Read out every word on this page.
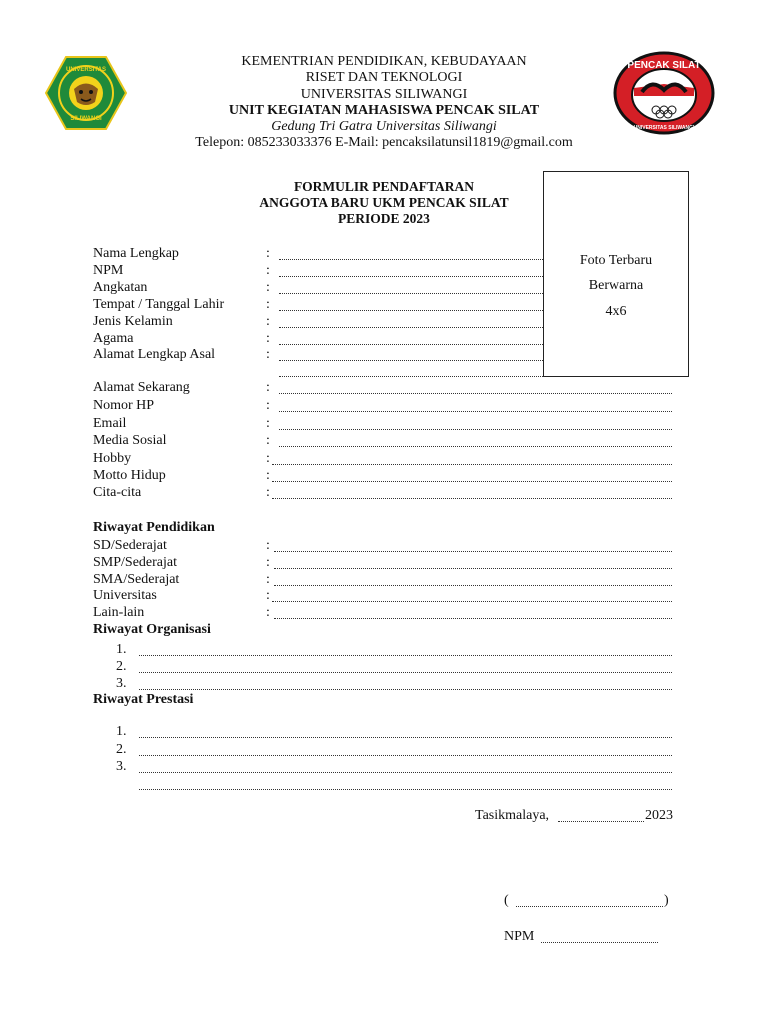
UNIVERSITAS
SILIWANGI
PENCAK SILAT
UNIVERSITAS SILIWANGI
KEMENTRIAN PENDIDIKAN, KEBUDAYAAN
RISET DAN TEKNOLOGI
UNIVERSITAS SILIWANGI
UNIT KEGIATAN MAHASISWA PENCAK SILAT
Gedung Tri Gatra Universitas Siliwangi
Telepon: 085233033376 E-Mail: pencaksilatunsil1819@gmail.com
FORMULIR PENDAFTARAN
ANGGOTA BARU UKM PENCAK SILAT
PERIODE 2023
Foto Terbaru
Berwarna
4x6
Nama Lengkap
NPM
Angkatan
Tempat / Tanggal Lahir
Jenis Kelamin
Agama
Alamat Lengkap Asal
Alamat Sekarang
Nomor HP
Email
Media Sosial
Hobby
Motto Hidup
Cita-cita
:
:
:
:
:
:
:
:
:
:
:
:
:
:
Riwayat Pendidikan
SD/Sederajat
SMP/Sederajat
SMA/Sederajat
Universitas
Lain-lain
:
:
:
:
:
Riwayat Organisasi
1.
2.
3.
Riwayat Prestasi
1.
2.
3.
Tasikmalaya,	2023
(	)
NPM
